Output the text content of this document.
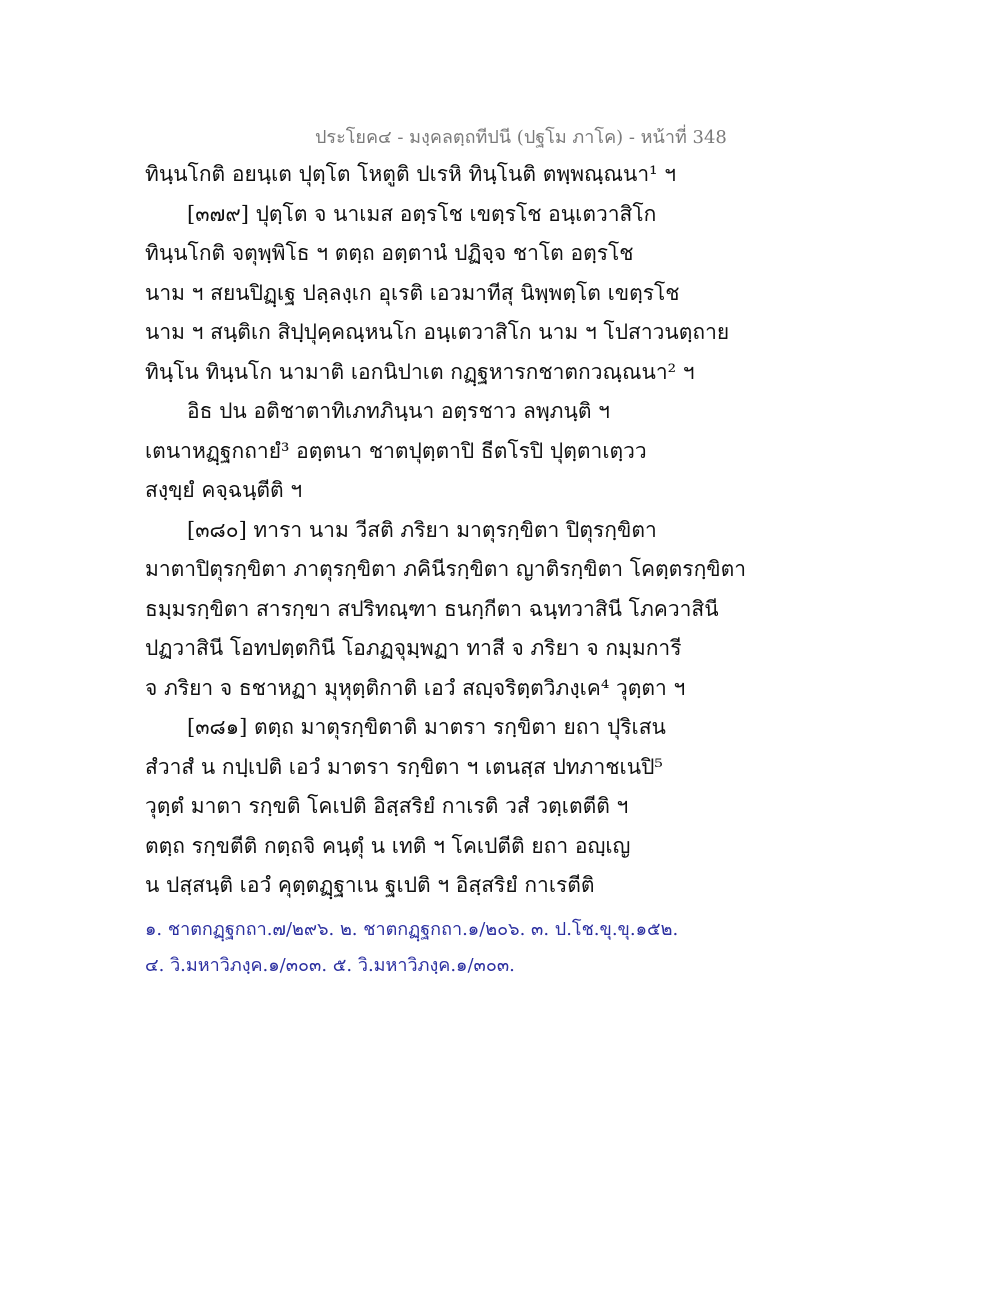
ประโยค๔ - มงฺคลตฺถทีปนี (ปฐโม ภาโค) - หน้าที่ 348
ทินฺนโกติ อยนฺเต ปุตฺโต โหตูติ ปเรหิ ทินฺโนติ ตพฺพณฺณนา¹ ฯ
[๓๗๙] ปุตฺโต จ นาเมส อตฺรโช เขตฺรโช อนฺเตวาสิโก
ทินฺนโกติ จตุพฺพิโธ ฯ ตตฺถ อตฺตานํ ปฏิจฺจ ชาโต อตฺรโช
นาม ฯ สยนปิฏฺเฐ ปลฺลงฺเก อุเรติ เอวมาทีสุ นิพฺพตฺโต เขตฺรโช
นาม ฯ สนฺติเก สิปฺปุคฺคณฺหนโก อนฺเตวาสิโก นาม ฯ โปสาวนตฺถาย
ทินฺโน ทินฺนโก นามาติ เอกนิปาเต กฏฺฐหารกชาตกวณฺณนา² ฯ
อิธ ปน อติชาตาทิเภทภินฺนา อตฺรชาว ลพฺภนฺติ ฯ
เตนาหฏฺฐกถายํ³ อตฺตนา ชาตปุตฺตาปิ ธีตโรปิ ปุตฺตาเตฺวว
สงฺขฺยํ คจฺฉนฺตีติ ฯ
[๓๘๐] ทารา นาม วีสติ ภริยา มาตุรกฺขิตา ปิตุรกฺขิตา
มาตาปิตุรกฺขิตา ภาตุรกฺขิตา ภคินีรกฺขิตา ญาติรกฺขิตา โคตฺตรกฺขิตา
ธมฺมรกฺขิตา สารกฺขา สปริทณฺฑา ธนกฺกีตา ฉนฺทวาสินี โภควาสินี
ปฏวาสินี โอทปตฺตกินี โอภฏจุมฺพฏา ทาสี จ ภริยา จ กมฺมการี
จ ภริยา จ ธชาหฏา มุหุตฺติกาติ เอวํ สญฺจริตฺตวิภงฺเค⁴ วุตฺตา ฯ
[๓๘๑] ตตฺถ มาตุรกฺขิตาติ มาตรา รกฺขิตา ยถา ปุริเสน
สํวาสํ น กปฺเปติ เอวํ มาตรา รกฺขิตา ฯ เตนสฺส ปทภาชเนปิ⁵
วุตฺตํ มาตา รกฺขติ โคเปติ อิสฺสริยํ กาเรติ วสํ วตฺเตตีติ ฯ
ตตฺถ รกฺขตีติ กตฺถจิ คนฺตุํ น เทติ ฯ โคเปตีติ ยถา อญฺเญ
น ปสฺสนฺติ เอวํ คุตฺตฏฺฐาเน ฐเปติ ฯ อิสฺสริยํ กาเรตีติ
๑. ชาตกฏฺฐกถา.๗/๒๙๖. ๒. ชาตกฏฺฐกถา.๑/๒๐๖. ๓. ป.โช.ขุ.ขุ.๑๕๒.
๔. วิ.มหาวิภงฺค.๑/๓๐๓. ๕. วิ.มหาวิภงฺค.๑/๓๐๓.
